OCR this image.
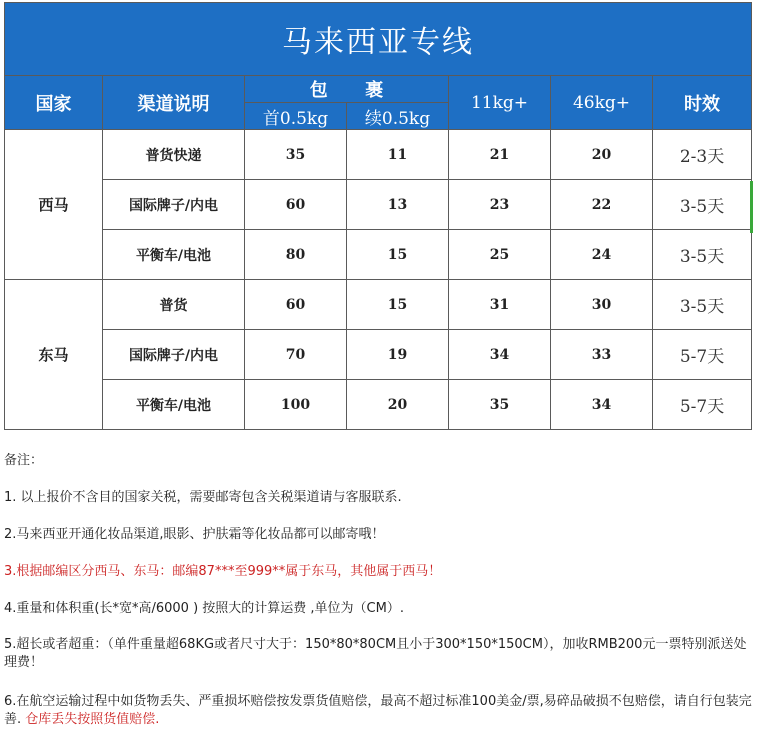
马来西亚专线						
国家	渠道说明	包      裹		11kg+	46kg+	时效
		首0.5kg	续0.5kg			
西马	普货快递	35	11	21	20	2-3天
	国际牌子/内电	60	13	23	22	3-5天
	平衡车/电池	80	15	25	24	3-5天
东马	普货	60	15	31	30	3-5天
	国际牌子/内电	70	19	34	33	5-7天
	平衡车/电池	100	20	35	34	5-7天

备注：

1. 以上报价不含目的国家关税，需要邮寄包含关税渠道请与客服联系.

2.马来西亚开通化妆品渠道,眼影、护肤霜等化妆品都可以邮寄哦！

3.根据邮编区分西马、东马：邮编87***至999**属于东马，其他属于西马！

4.重量和体积重(长*宽*高/6000 ) 按照大的计算运费 ,单位为（CM）.

5.超长或者超重：（单件重量超68KG或者尺寸大于：150*80*80CM且小于300*150*150CM），加收RMB200元一票特别派送处理费！

6.在航空运输过程中如货物丢失、严重损坏赔偿按发票货值赔偿，最高不超过标准100美金/票,易碎品破损不包赔偿，请自行包装完善. 仓库丢失按照货值赔偿.
